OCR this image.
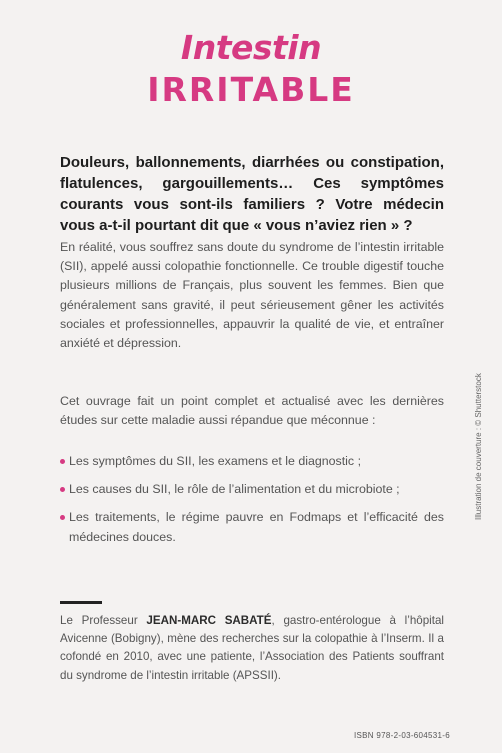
Intestin
IRRITABLE
Douleurs, ballonnements, diarrhées ou constipation, flatulences, gargouillements… Ces symptômes courants vous sont-ils familiers ? Votre médecin vous a-t-il pourtant dit que « vous n’aviez rien » ?
En réalité, vous souffrez sans doute du syndrome de l’intestin irritable (SII), appelé aussi colopathie fonctionnelle. Ce trouble digestif touche plusieurs millions de Français, plus souvent les femmes. Bien que généralement sans gravité, il peut sérieusement gêner les activités sociales et professionnelles, appauvrir la qualité de vie, et entraîner anxiété et dépression.
Cet ouvrage fait un point complet et actualisé avec les dernières études sur cette maladie aussi répandue que méconnue :
Les symptômes du SII, les examens et le diagnostic ;
Les causes du SII, le rôle de l’alimentation et du microbiote ;
Les traitements, le régime pauvre en Fodmaps et l’efficacité des médecines douces.
Le Professeur JEAN-MARC SABATÉ, gastro-entérologue à l’hôpital Avicenne (Bobigny), mène des recherches sur la colopathie à l’Inserm. Il a cofondé en 2010, avec une patiente, l’Association des Patients souffrant du syndrome de l’intestin irritable (APSSII).
Illustration de couverture : © Shutterstock
ISBN 978-2-03-604531-6
